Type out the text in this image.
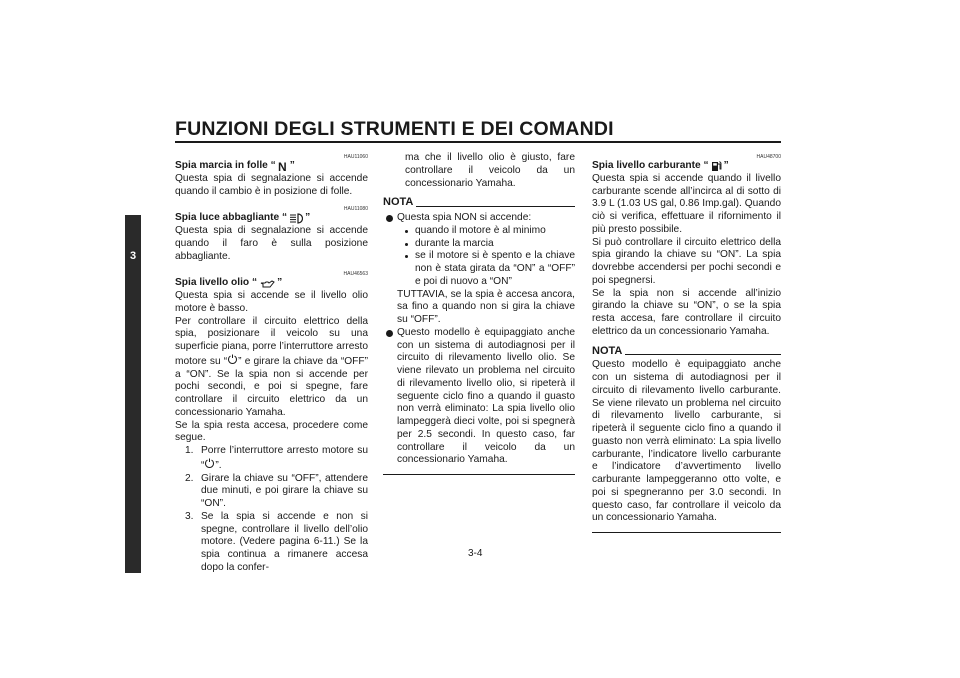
FUNZIONI DEGLI STRUMENTI E DEI COMANDI
3
HAU11060
Spia marcia in folle “ N ”

Questa spia di segnalazione si accende quando il cambio è in posizione di folle.

HAU11080
Spia luce abbagliante “ ”

Questa spia di segnalazione si accende quando il faro è sulla posizione abbagliante.

HAU46563
Spia livello olio “ ”

Questa spia si accende se il livello olio motore è basso.

Per controllare il circuito elettrico della spia, posizionare il veicolo su una superficie piana, porre l’interruttore arresto motore su “ ” e girare la chiave da “OFF” a “ON”. Se la spia non si accende per pochi secondi, e poi si spegne, fare controllare il circuito elettrico da un concessionario Yamaha.

Se la spia resta accesa, procedere come segue.

1. Porre l’interruttore arresto motore su “ ”.
2. Girare la chiave su “OFF”, attendere due minuti, e poi girare la chiave su “ON”.
3. Se la spia si accende e non si spegne, controllare il livello dell’olio motore. (Vedere pagina 6-11.) Se la spia continua a rimanere accesa dopo la confer-

ma che il livello olio è giusto, fare controllare il veicolo da un concessionario Yamaha.

NOTA
Questa spia NON si accende:
quando il motore è al minimo
durante la marcia
se il motore si è spento e la chiave non è stata girata da “ON” a “OFF” e poi di nuovo a “ON”

TUTTAVIA, se la spia è accesa ancora, sa fino a quando non si gira la chiave su “OFF”.

Questo modello è equipaggiato anche con un sistema di autodiagnosi per il circuito di rilevamento livello olio. Se viene rilevato un problema nel circuito di rilevamento livello olio, si ripeterà il seguente ciclo fino a quando il guasto non verrà eliminato: La spia livello olio lampeggerà dieci volte, poi si spegnerà per 2.5 secondi. In questo caso, far controllare il veicolo da un concessionario Yamaha.
HAU48700
Spia livello carburante “ ”

Questa spia si accende quando il livello carburante scende all’incirca al di sotto di 3.9 L (1.03 US gal, 0.86 Imp.gal). Quando ciò si verifica, effettuare il rifornimento il più presto possibile.

Si può controllare il circuito elettrico della spia girando la chiave su “ON”. La spia dovrebbe accendersi per pochi secondi e poi spegnersi.

Se la spia non si accende all’inizio girando la chiave su “ON”, o se la spia resta accesa, fare controllare il circuito elettrico da un concessionario Yamaha.

NOTA

Questo modello è equipaggiato anche con un sistema di autodiagnosi per il circuito di rilevamento livello carburante. Se viene rilevato un problema nel circuito di rilevamento livello carburante, si ripeterà il seguente ciclo fino a quando il guasto non verrà eliminato: La spia livello carburante, l’indicatore livello carburante e l’indicatore d’avvertimento livello carburante lampeggeranno otto volte, e poi si spegneranno per 3.0 secondi. In questo caso, far controllare il veicolo da un concessionario Yamaha.

3-4
